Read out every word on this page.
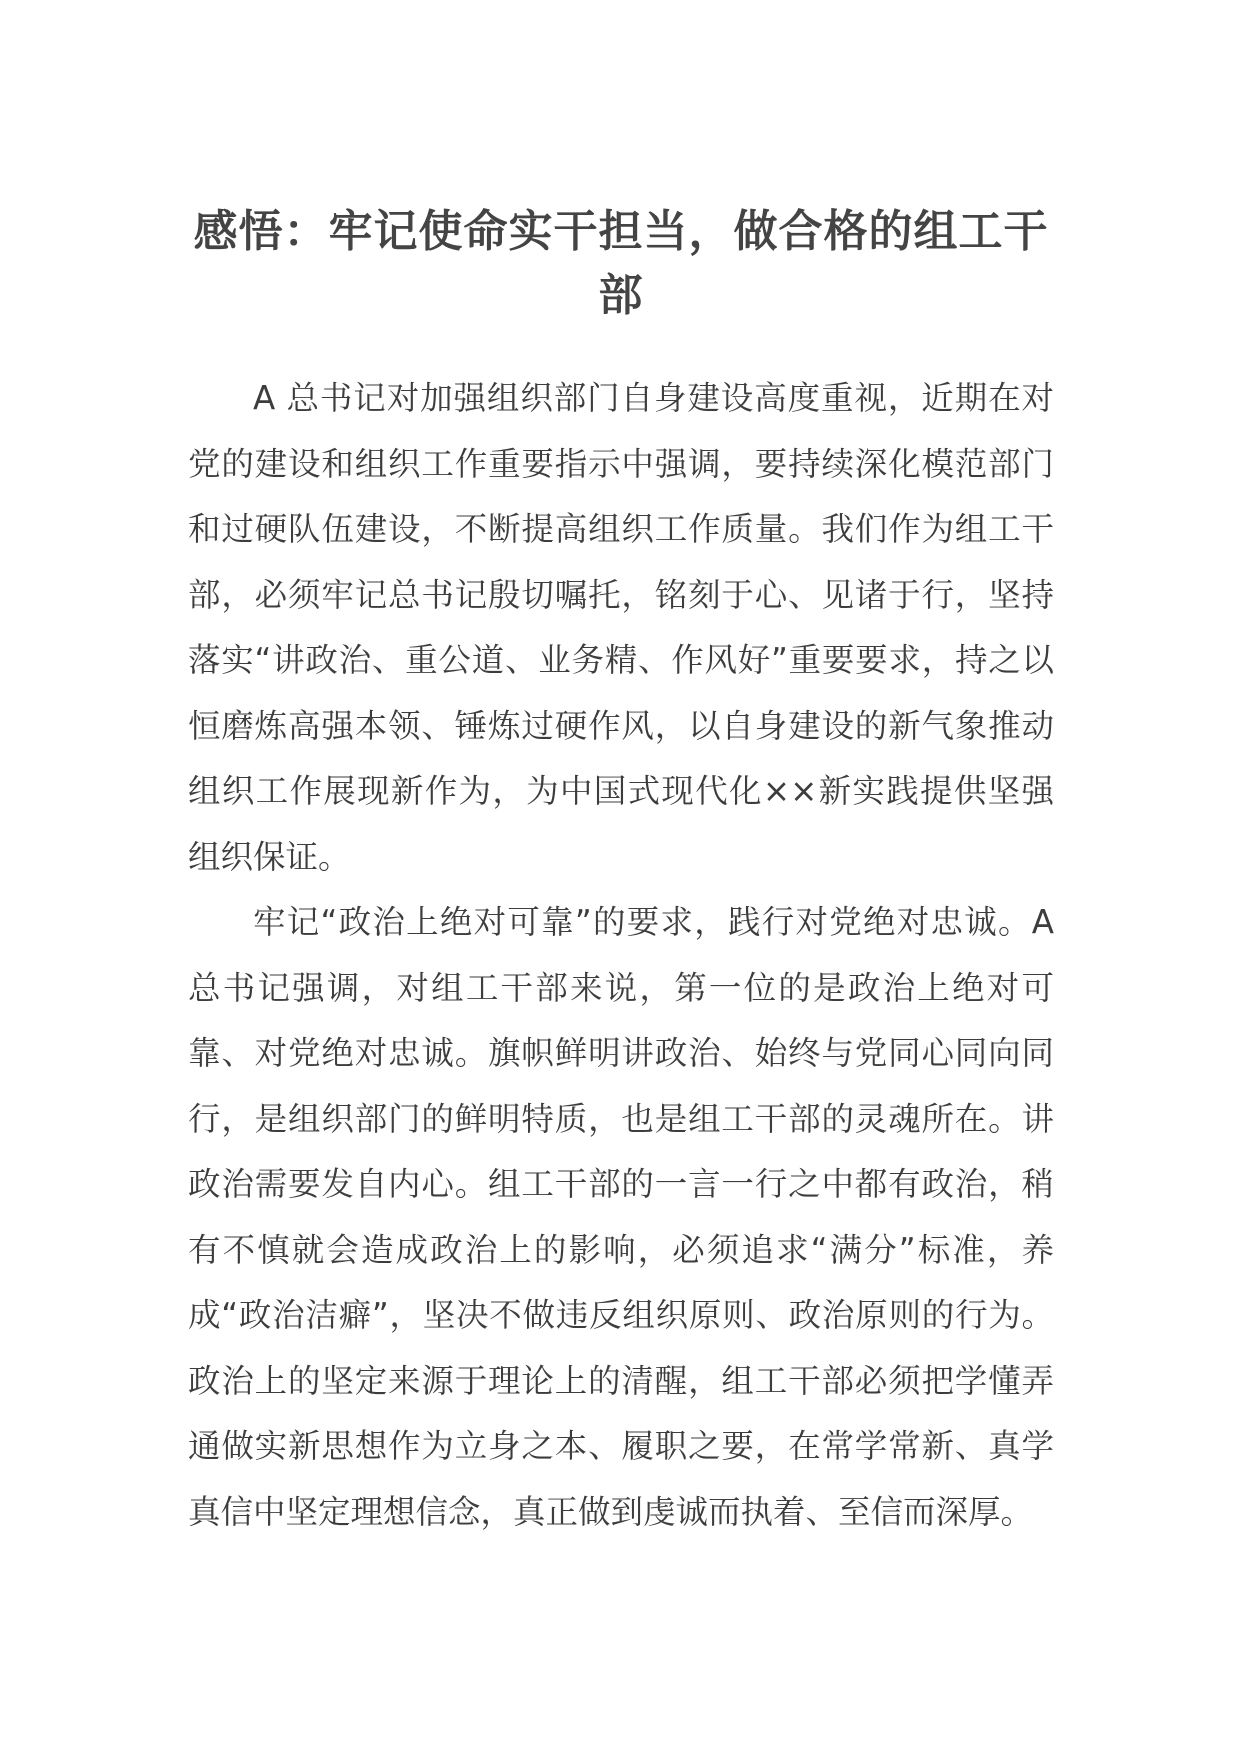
感悟：牢记使命实干担当，做合格的组工干部

A 总书记对加强组织部门自身建设高度重视，近期在对党的建设和组织工作重要指示中强调，要持续深化模范部门和过硬队伍建设，不断提高组织工作质量。我们作为组工干部，必须牢记总书记殷切嘱托，铭刻于心、见诸于行，坚持落实“讲政治、重公道、业务精、作风好”重要要求，持之以恒磨炼高强本领、锤炼过硬作风，以自身建设的新气象推动组织工作展现新作为，为中国式现代化××新实践提供坚强组织保证。

牢记“政治上绝对可靠”的要求，践行对党绝对忠诚。A 总书记强调，对组工干部来说，第一位的是政治上绝对可靠、对党绝对忠诚。旗帜鲜明讲政治、始终与党同心同向同行，是组织部门的鲜明特质，也是组工干部的灵魂所在。讲政治需要发自内心。组工干部的一言一行之中都有政治，稍有不慎就会造成政治上的影响，必须追求“满分”标准，养成“政治洁癖”，坚决不做违反组织原则、政治原则的行为。政治上的坚定来源于理论上的清醒，组工干部必须把学懂弄通做实新思想作为立身之本、履职之要，在常学常新、真学真信中坚定理想信念，真正做到虔诚而执着、至信而深厚。
